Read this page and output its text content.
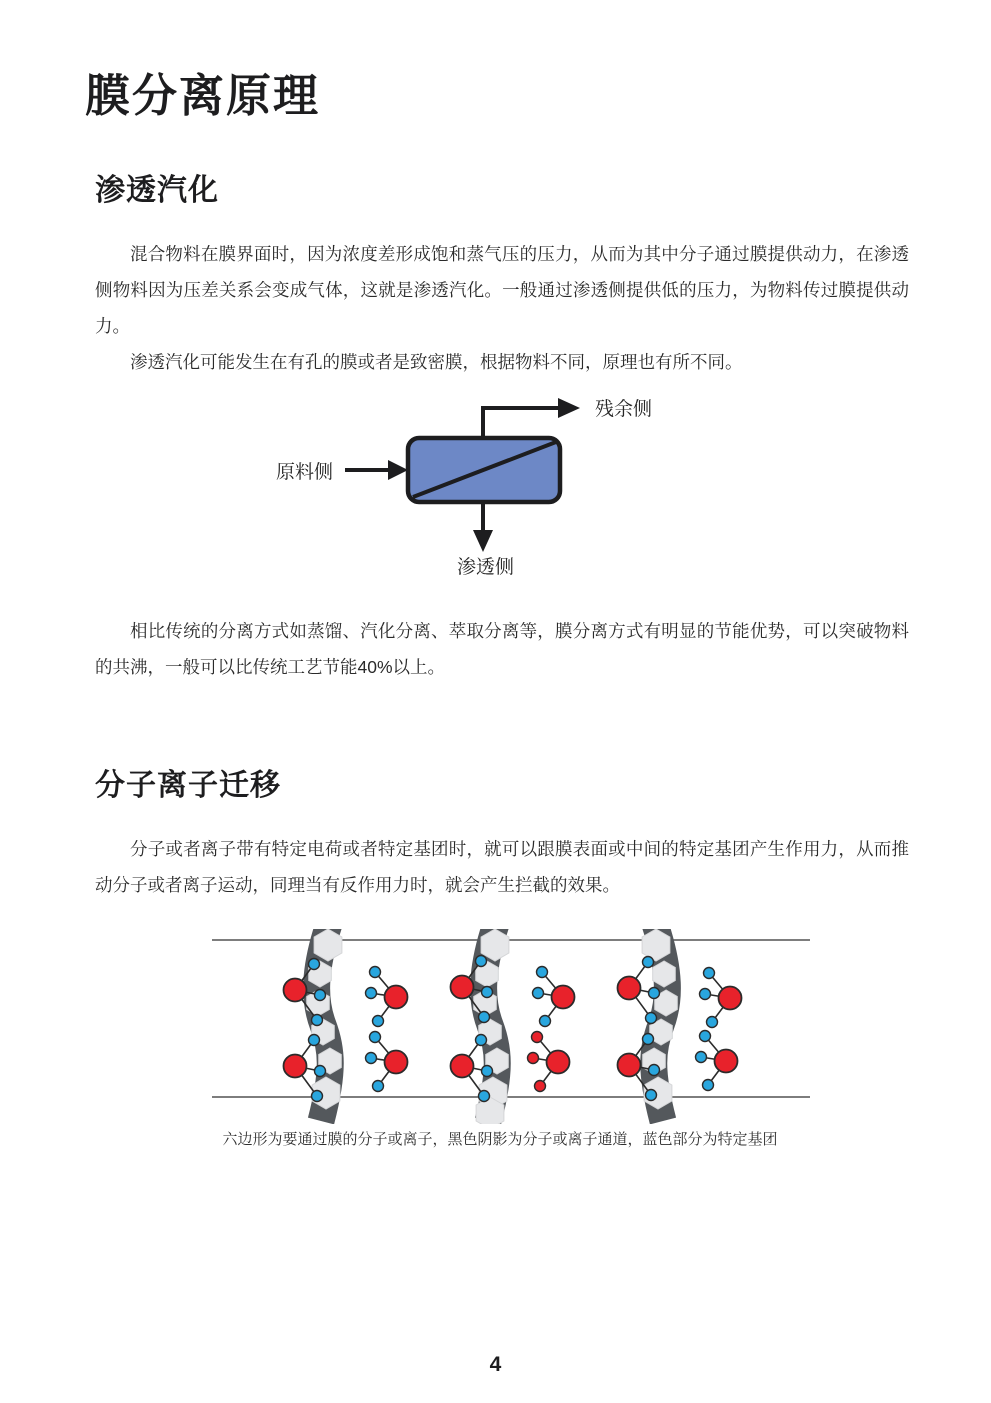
膜分离原理
渗透汽化

混合物料在膜界面时，因为浓度差形成饱和蒸气压的压力，从而为其中分子通过膜提供动力，在渗透侧物料因为压差关系会变成气体，这就是渗透汽化。一般通过渗透侧提供低的压力，为物料传过膜提供动力。

渗透汽化可能发生在有孔的膜或者是致密膜，根据物料不同，原理也有所不同。

原料侧
残余侧
渗透侧

相比传统的分离方式如蒸馏、汽化分离、萃取分离等，膜分离方式有明显的节能优势，可以突破物料的共沸，一般可以比传统工艺节能40%以上。

分子离子迁移

分子或者离子带有特定电荷或者特定基团时，就可以跟膜表面或中间的特定基团产生作用力，从而推动分子或者离子运动，同理当有反作用力时，就会产生拦截的效果。

六边形为要通过膜的分子或离子，黑色阴影为分子或离子通道，蓝色部分为特定基团
4
